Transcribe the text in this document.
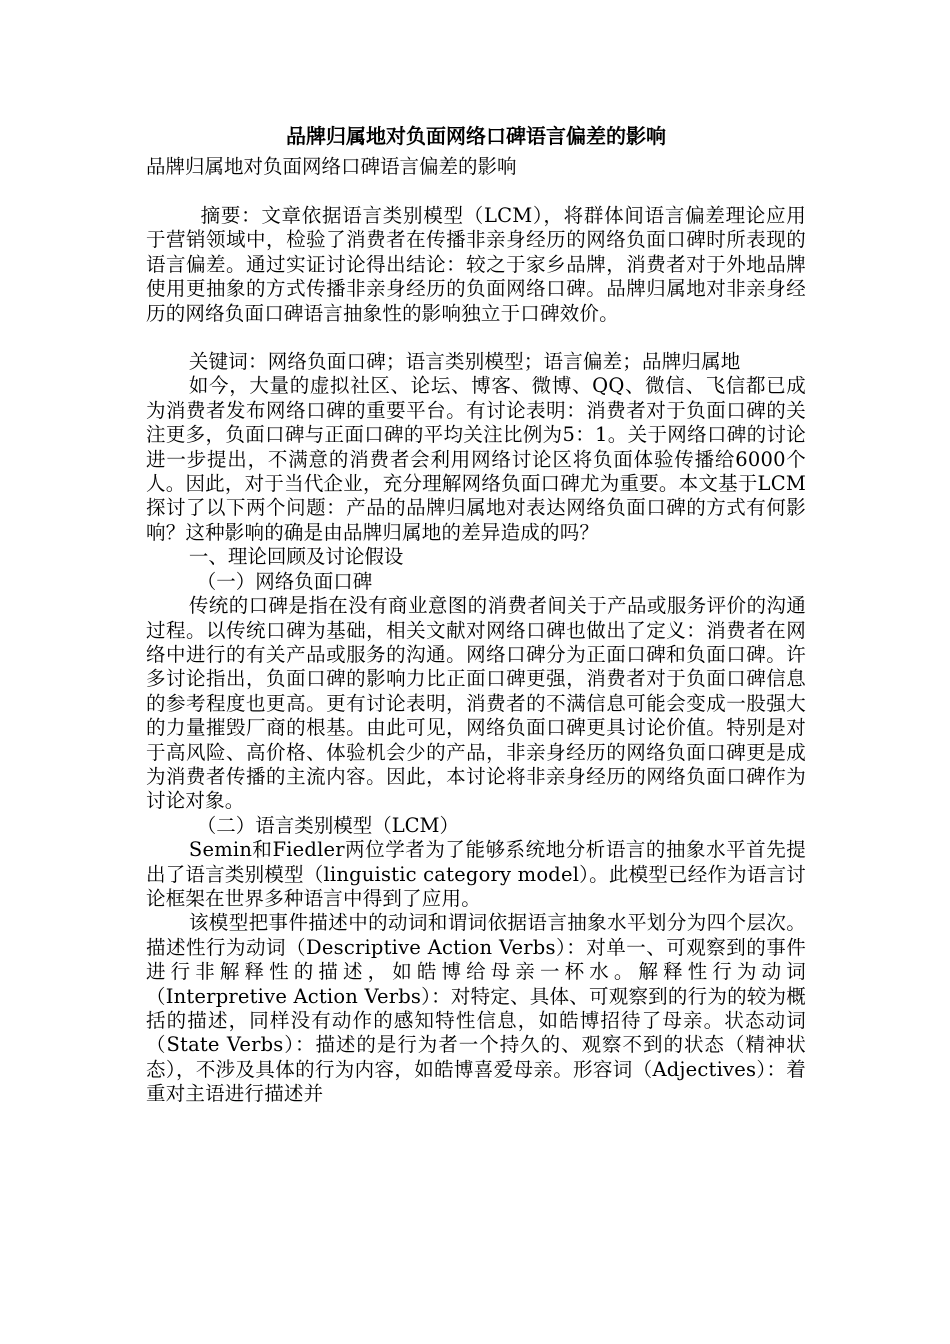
品牌归属地对负面网络口碑语言偏差的影响

品牌归属地对负面网络口碑语言偏差的影响

摘要：文章依据语言类别模型（LCM），将群体间语言偏差理论应用于营销领域中，检验了消费者在传播非亲身经历的网络负面口碑时所表现的语言偏差。通过实证讨论得出结论：较之于家乡品牌，消费者对于外地品牌使用更抽象的方式传播非亲身经历的负面网络口碑。品牌归属地对非亲身经历的网络负面口碑语言抽象性的影响独立于口碑效价。

关键词：网络负面口碑；语言类别模型；语言偏差；品牌归属地

如今，大量的虚拟社区、论坛、博客、微博、QQ、微信、飞信都已成为消费者发布网络口碑的重要平台。有讨论表明：消费者对于负面口碑的关注更多，负面口碑与正面口碑的平均关注比例为5：1。关于网络口碑的讨论进一步提出，不满意的消费者会利用网络讨论区将负面体验传播给6000个人。因此，对于当代企业，充分理解网络负面口碑尤为重要。本文基于LCM探讨了以下两个问题：产品的品牌归属地对表达网络负面口碑的方式有何影响？这种影响的确是由品牌归属地的差异造成的吗？

一、理论回顾及讨论假设

（一）网络负面口碑

传统的口碑是指在没有商业意图的消费者间关于产品或服务评价的沟通过程。以传统口碑为基础，相关文献对网络口碑也做出了定义：消费者在网络中进行的有关产品或服务的沟通。网络口碑分为正面口碑和负面口碑。许多讨论指出，负面口碑的影响力比正面口碑更强，消费者对于负面口碑信息的参考程度也更高。更有讨论表明，消费者的不满信息可能会变成一股强大的力量摧毁厂商的根基。由此可见，网络负面口碑更具讨论价值。特别是对于高风险、高价格、体验机会少的产品，非亲身经历的网络负面口碑更是成为消费者传播的主流内容。因此，本讨论将非亲身经历的网络负面口碑作为讨论对象。

（二）语言类别模型（LCM）

Semin和Fiedler两位学者为了能够系统地分析语言的抽象水平首先提出了语言类别模型（linguistic category model）。此模型已经作为语言讨论框架在世界多种语言中得到了应用。

该模型把事件描述中的动词和谓词依据语言抽象水平划分为四个层次。描述性行为动词（Descriptive Action Verbs）：对单一、可观察到的事件进行非解释性的描述，如皓博给母亲一杯水。解释性行为动词（Interpretive Action Verbs）：对特定、具体、可观察到的行为的较为概括的描述，同样没有动作的感知特性信息，如皓博招待了母亲。状态动词（State Verbs）：描述的是行为者一个持久的、观察不到的状态（精神状态），不涉及具体的行为内容，如皓博喜爱母亲。形容词（Adjectives）：着重对主语进行描述并
